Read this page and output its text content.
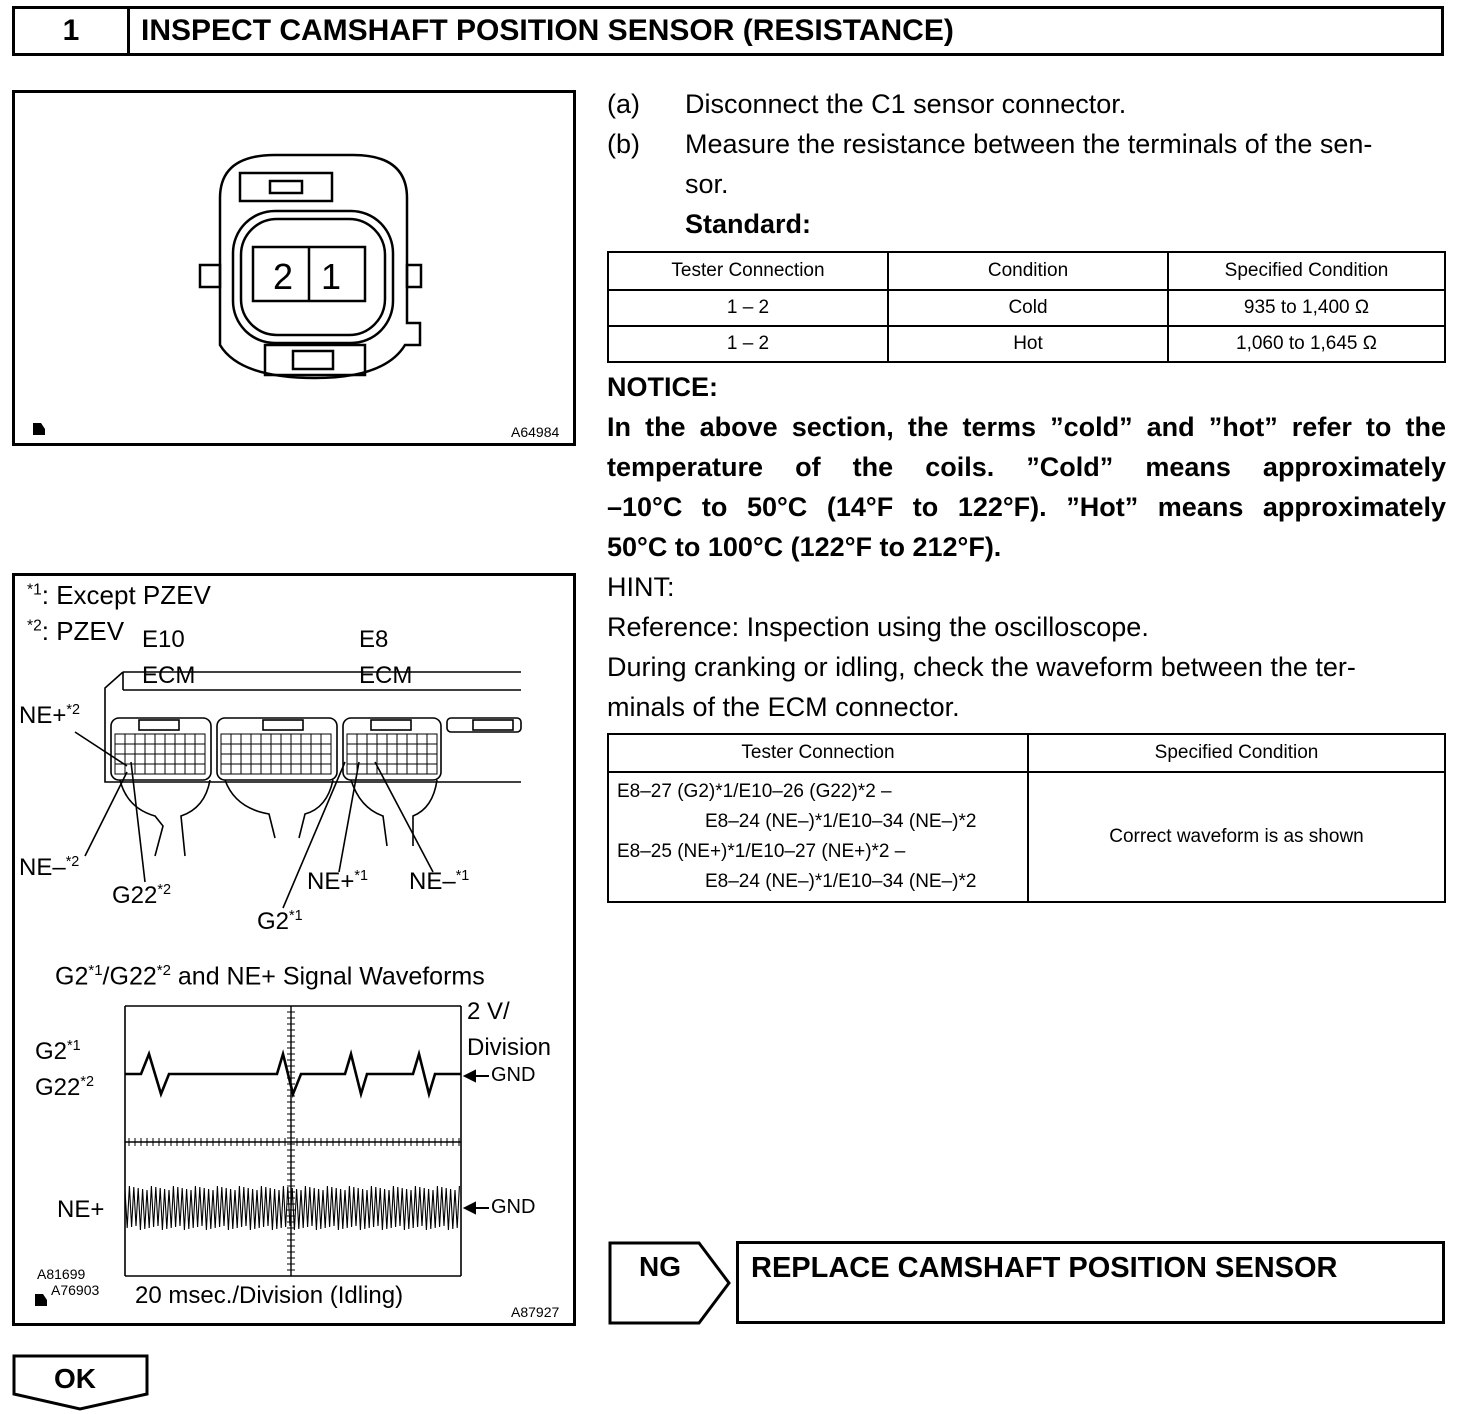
1	INSPECT CAMSHAFT POSITION SENSOR (RESISTANCE)
2 1
A64984
(a) Disconnect the C1 sensor connector.
(b) Measure the resistance between the terminals of the sen-
sor.
Standard:
Tester Connection	Condition	Specified Condition
1 – 2	Cold	935 to 1,400 Ω
1 – 2	Hot	1,060 to 1,645 Ω
NOTICE:
In the above section, the terms ”cold” and ”hot” refer to the
temperature of the coils. ”Cold” means approximately
–10°C to 50°C (14°F to 122°F). ”Hot” means approximately
50°C to 100°C (122°F to 212°F).
HINT:
Reference: Inspection using the oscilloscope.
During cranking or idling, check the waveform between the ter-
minals of the ECM connector.
Tester Connection	Specified Condition

E8–27 (G2)*1/E10–26 (G22)*2 –
E8–24 (NE–)*1/E10–34 (NE–)*2
E8–25 (NE+)*1/E10–27 (NE+)*2 –
E8–24 (NE–)*1/E10–34 (NE–)*2	Correct waveform is as shown
$^{*1}$: Except PZEV
$^{*2}$: PZEV E10	E8
ECM	ECM
NE+$^{*2}$
NE–$^{*2}$
G22$^{*2}$
G2$^{*1}$
NE+$^{*1}$ NE–$^{*1}$
G2$^{*1}$/G22$^{*2}$ and NE+ Signal Waveforms
2 V/
Division
G2$^{*1}$
G22$^{*2}$	GND
NE+	GND
20 msec./Division (Idling)
A81699
A76903
A87927
NG REPLACE CAMSHAFT POSITION SENSOR
OK
